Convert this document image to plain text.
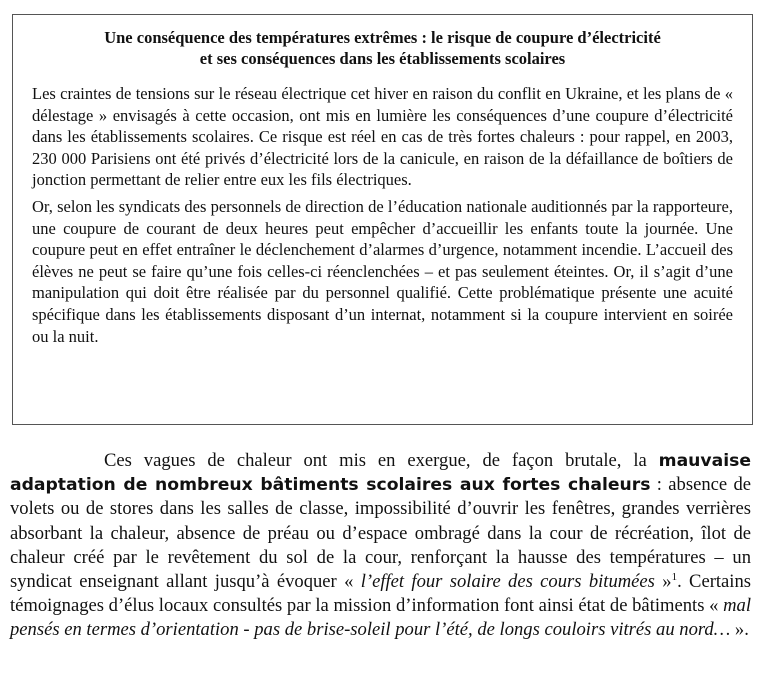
Une conséquence des températures extrêmes : le risque de coupure d’électricité
et ses conséquences dans les établissements scolaires

Les craintes de tensions sur le réseau électrique cet hiver en raison du conflit en Ukraine, et les plans de « délestage » envisagés à cette occasion, ont mis en lumière les conséquences d’une coupure d’électricité dans les établissements scolaires. Ce risque est réel en cas de très fortes chaleurs : pour rappel, en 2003, 230 000 Parisiens ont été privés d’électricité lors de la canicule, en raison de la défaillance de boîtiers de jonction permettant de relier entre eux les fils électriques.

Or, selon les syndicats des personnels de direction de l’éducation nationale auditionnés par la rapporteure, une coupure de courant de deux heures peut empêcher d’accueillir les enfants toute la journée. Une coupure peut en effet entraîner le déclenchement d’alarmes d’urgence, notamment incendie. L’accueil des élèves ne peut se faire qu’une fois celles-ci réenclenchées – et pas seulement éteintes. Or, il s’agit d’une manipulation qui doit être réalisée par du personnel qualifié. Cette problématique présente une acuité spécifique dans les établissements disposant d’un internat, notamment si la coupure intervient en soirée ou la nuit.

Ces vagues de chaleur ont mis en exergue, de façon brutale, la mauvaise adaptation de nombreux bâtiments scolaires aux fortes chaleurs : absence de volets ou de stores dans les salles de classe, impossibilité d’ouvrir les fenêtres, grandes verrières absorbant la chaleur, absence de préau ou d’espace ombragé dans la cour de récréation, îlot de chaleur créé par le revêtement du sol de la cour, renforçant la hausse des températures – un syndicat enseignant allant jusqu’à évoquer « l’effet four solaire des cours bitumées »$^1$. Certains témoignages d’élus locaux consultés par la mission d’information font ainsi état de bâtiments « mal pensés en termes d’orientation - pas de brise-soleil pour l’été, de longs couloirs vitrés au nord… ».
